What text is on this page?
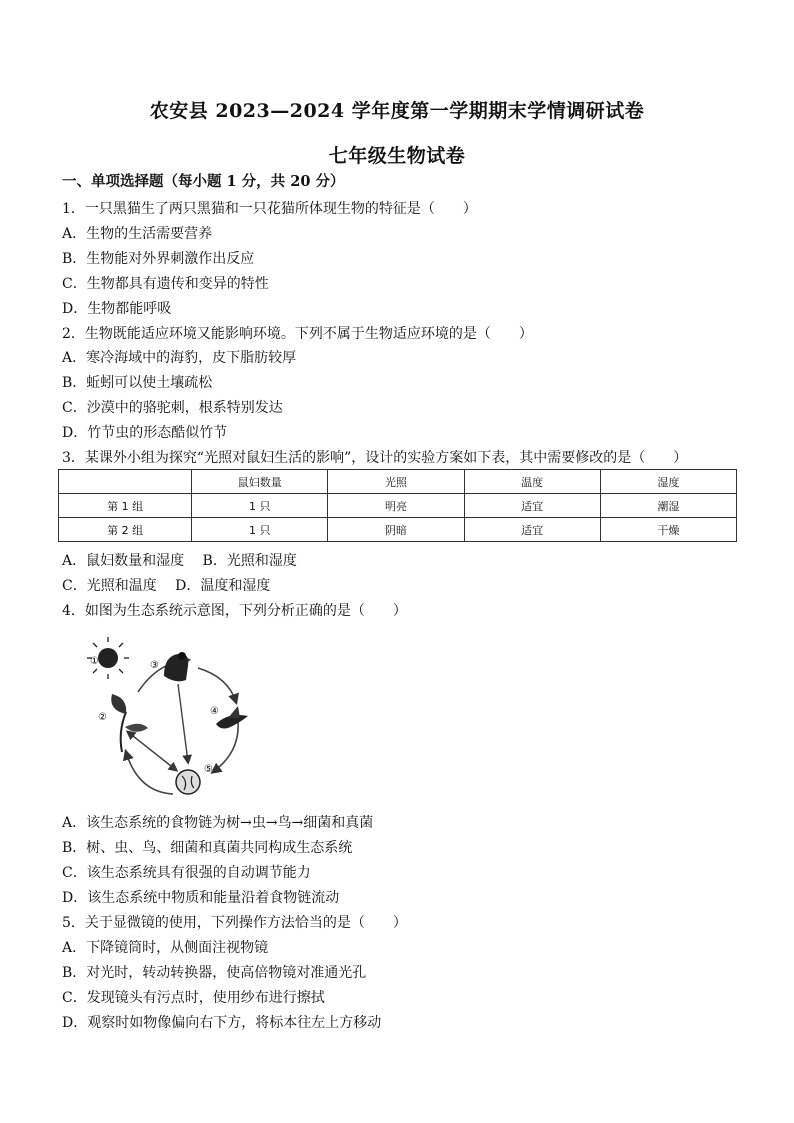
农安县 2023—2024 学年度第一学期期末学情调研试卷
七年级生物试卷
一、单项选择题（每小题 1 分，共 20 分）
1．一只黑猫生了两只黑猫和一只花猫所体现生物的特征是（　　）
A．生物的生活需要营养
B．生物能对外界刺激作出反应
C．生物都具有遗传和变异的特性
D．生物都能呼吸
2．生物既能适应环境又能影响环境。下列不属于生物适应环境的是（　　）
A．寒冷海域中的海豹，皮下脂肪较厚
B．蚯蚓可以使土壤疏松
C．沙漠中的骆驼刺，根系特别发达
D．竹节虫的形态酷似竹节
3．某课外小组为探究“光照对鼠妇生活的影响”，设计的实验方案如下表，其中需要修改的是（　　）
	鼠妇数量	光照	温度	湿度
第 1 组	1 只	明亮	适宜	潮湿
第 2 组	1 只	阴暗	适宜	干燥
A．鼠妇数量和湿度　 B．光照和湿度
C．光照和温度　 D．温度和湿度
4．如图为生态系统示意图，下列分析正确的是（　　）
①
②
③
④
⑤
A．该生态系统的食物链为树→虫→鸟→细菌和真菌
B．树、虫、鸟、细菌和真菌共同构成生态系统
C．该生态系统具有很强的自动调节能力
D．该生态系统中物质和能量沿着食物链流动
5．关于显微镜的使用，下列操作方法恰当的是（　　）
A．下降镜筒时，从侧面注视物镜
B．对光时，转动转换器，使高倍物镜对准通光孔
C．发现镜头有污点时，使用纱布进行擦拭
D．观察时如物像偏向右下方，将标本往左上方移动
